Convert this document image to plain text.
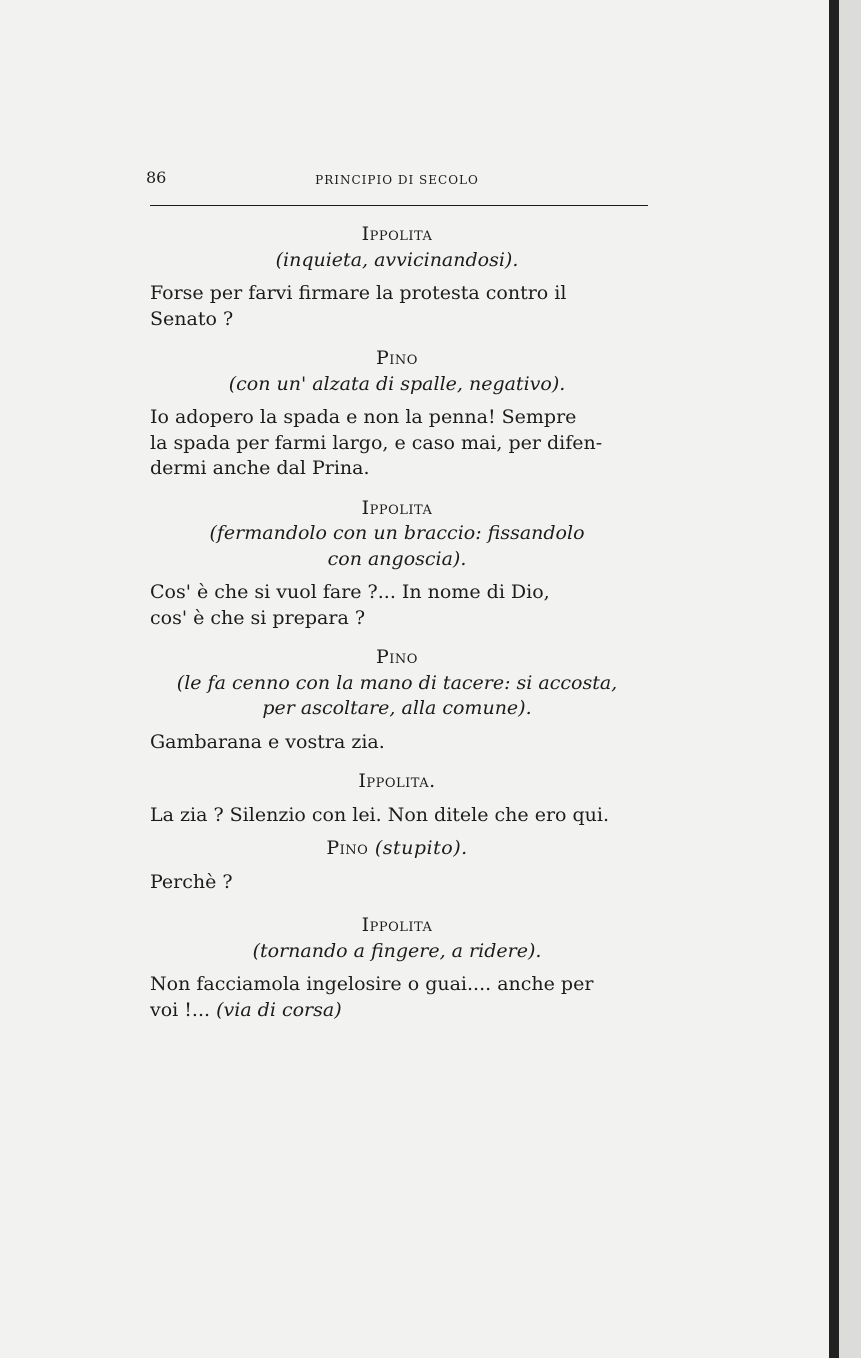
86	PRINCIPIO DI SECOLO

Ippolita

(inquieta, avvicinandosi).

Forse per farvi firmare la protesta contro il

Senato ?

Pino

(con un' alzata di spalle, negativo).

Io adopero la spada e non la penna! Sempre

la spada per farmi largo, e caso mai, per difen-

dermi anche dal Prina.

Ippolita

(fermandolo con un braccio: fissandolo

con angoscia).

Cos' è che si vuol fare ?... In nome di Dio,

cos' è che si prepara ?

Pino

(le fa cenno con la mano di tacere: si accosta,

per ascoltare, alla comune).

Gambarana e vostra zia.

Ippolita.

La zia ? Silenzio con lei. Non ditele che ero qui.

Pino (stupito).

Perchè ?

Ippolita

(tornando a fingere, a ridere).

Non facciamola ingelosire o guai.... anche per

voi !... (via di corsa)
